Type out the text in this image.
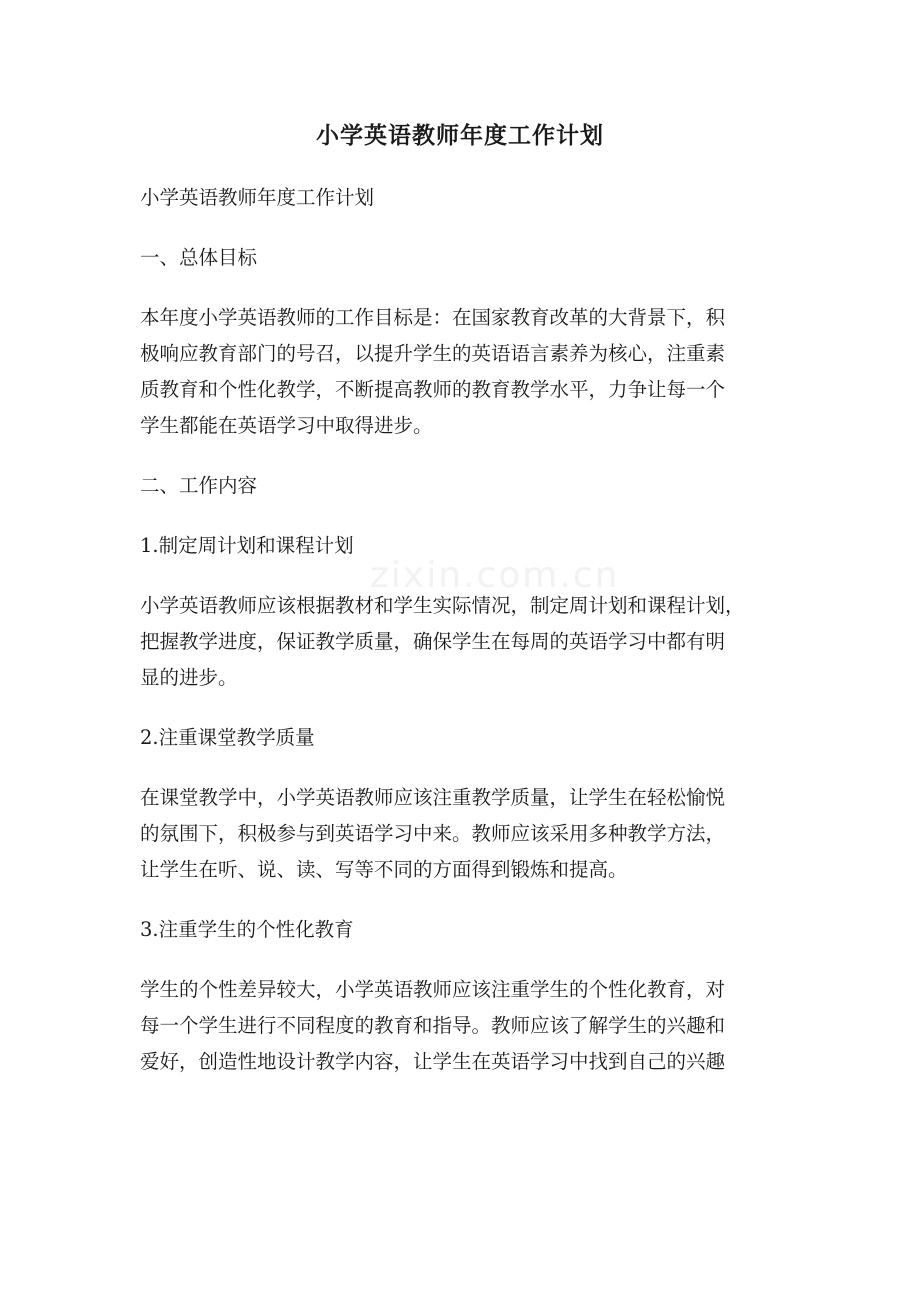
zixin.com.cn
小学英语教师年度工作计划

小学英语教师年度工作计划

一、总体目标

本年度小学英语教师的工作目标是：在国家教育改革的大背景下，积
极响应教育部门的号召，以提升学生的英语语言素养为核心，注重素
质教育和个性化教学，不断提高教师的教育教学水平，力争让每一个
学生都能在英语学习中取得进步。

二、工作内容

1.制定周计划和课程计划

小学英语教师应该根据教材和学生实际情况，制定周计划和课程计划，
把握教学进度，保证教学质量，确保学生在每周的英语学习中都有明
显的进步。

2.注重课堂教学质量

在课堂教学中，小学英语教师应该注重教学质量，让学生在轻松愉悦
的氛围下，积极参与到英语学习中来。教师应该采用多种教学方法，
让学生在听、说、读、写等不同的方面得到锻炼和提高。

3.注重学生的个性化教育

学生的个性差异较大，小学英语教师应该注重学生的个性化教育，对
每一个学生进行不同程度的教育和指导。教师应该了解学生的兴趣和
爱好，创造性地设计教学内容，让学生在英语学习中找到自己的兴趣
